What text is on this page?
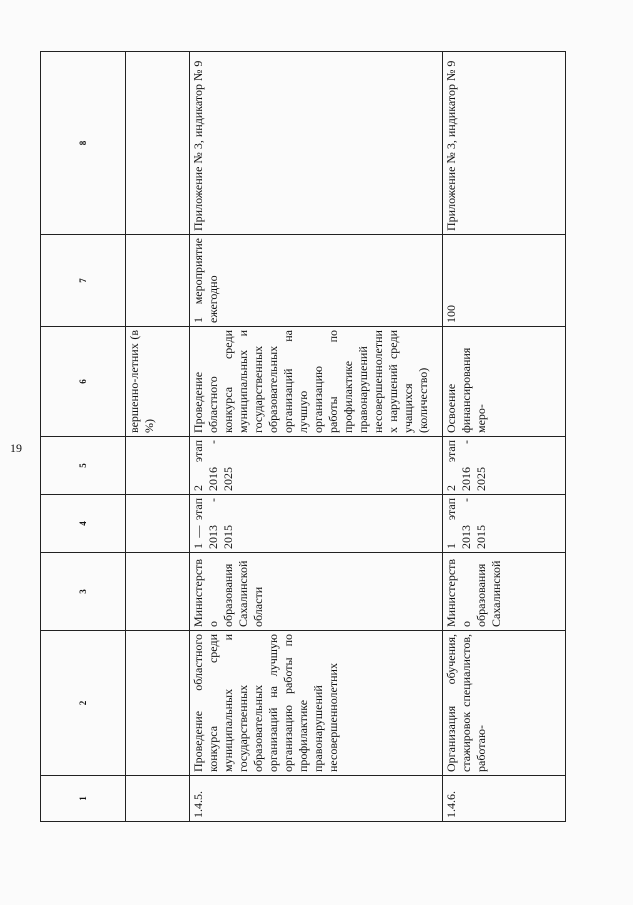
19
1	2	3	4	5	6	7	8
					вершенно-летних (в %)		
1.4.5.	Проведение областного конкурса среди муниципальных и государственных образовательных организаций на лучшую организацию работы по профилактике правонарушений несовершеннолетних	Министерство образования Сахалинской области	1 — этап 2013 - 2015	2 этап 2016 - 2025	Проведение областного конкурса среди муниципальных и государственных образовательных организаций на лучшую организацию работы по профилактике правонарушений несовершеннолетних нарушений среди учащихся (количество)	1 мероприятие ежегодно	Приложение № 3, индикатор № 9
1.4.6.	Организация обучения, стажировок специалистов, работаю-	Министерство образования Сахалинской	1 этап 2013 - 2015	2 этап 2016 - 2025	Освоение финансирования меро-	100	Приложение № 3, индикатор № 9
